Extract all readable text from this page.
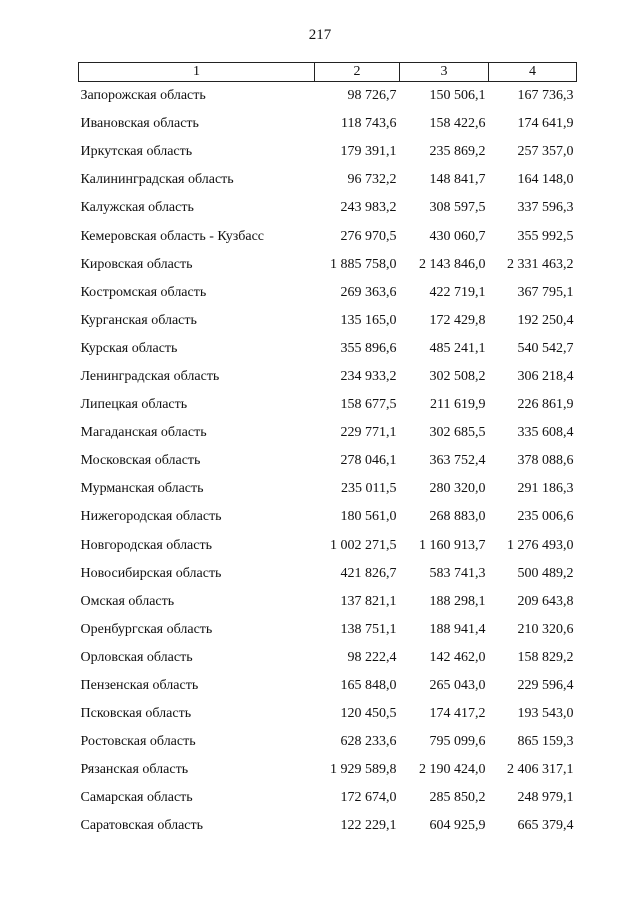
217
1	2	3	4
Запорожская область	98 726,7	150 506,1	167 736,3
Ивановская область	118 743,6	158 422,6	174 641,9
Иркутская область	179 391,1	235 869,2	257 357,0
Калининградская область	96 732,2	148 841,7	164 148,0
Калужская область	243 983,2	308 597,5	337 596,3
Кемеровская область - Кузбасс	276 970,5	430 060,7	355 992,5
Кировская область	1 885 758,0	2 143 846,0	2 331 463,2
Костромская область	269 363,6	422 719,1	367 795,1
Курганская область	135 165,0	172 429,8	192 250,4
Курская область	355 896,6	485 241,1	540 542,7
Ленинградская область	234 933,2	302 508,2	306 218,4
Липецкая область	158 677,5	211 619,9	226 861,9
Магаданская область	229 771,1	302 685,5	335 608,4
Московская область	278 046,1	363 752,4	378 088,6
Мурманская область	235 011,5	280 320,0	291 186,3
Нижегородская область	180 561,0	268 883,0	235 006,6
Новгородская область	1 002 271,5	1 160 913,7	1 276 493,0
Новосибирская область	421 826,7	583 741,3	500 489,2
Омская область	137 821,1	188 298,1	209 643,8
Оренбургская область	138 751,1	188 941,4	210 320,6
Орловская область	98 222,4	142 462,0	158 829,2
Пензенская область	165 848,0	265 043,0	229 596,4
Псковская область	120 450,5	174 417,2	193 543,0
Ростовская область	628 233,6	795 099,6	865 159,3
Рязанская область	1 929 589,8	2 190 424,0	2 406 317,1
Самарская область	172 674,0	285 850,2	248 979,1
Саратовская область	122 229,1	604 925,9	665 379,4
